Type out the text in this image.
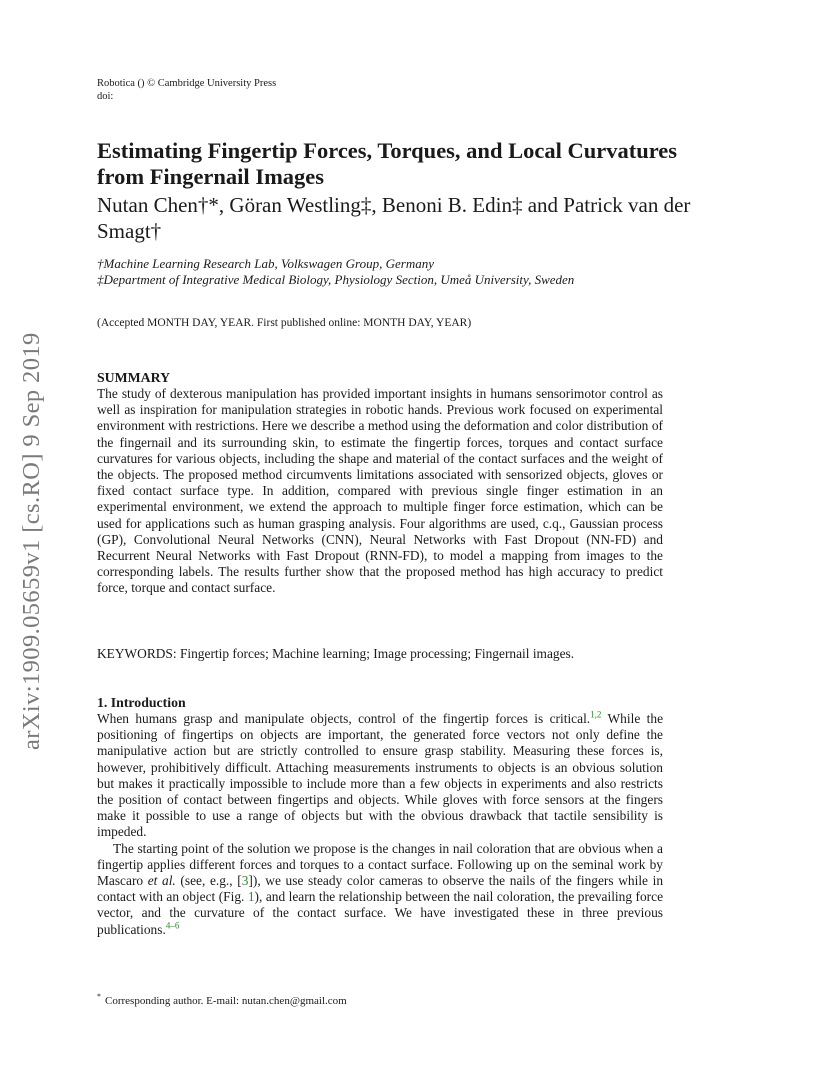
arXiv:1909.05659v1 [cs.RO] 9 Sep 2019
Robotica () © Cambridge University Press
doi:
Estimating Fingertip Forces, Torques, and Local Curvatures from Fingernail Images
Nutan Chen†*, Göran Westling‡, Benoni B. Edin‡ and Patrick van der Smagt†
†Machine Learning Research Lab, Volkswagen Group, Germany
‡Department of Integrative Medical Biology, Physiology Section, Umeå University, Sweden
(Accepted MONTH DAY, YEAR. First published online: MONTH DAY, YEAR)
SUMMARY

The study of dexterous manipulation has provided important insights in humans sensorimotor control as well as inspiration for manipulation strategies in robotic hands. Previous work focused on experimental environment with restrictions. Here we describe a method using the deformation and color distribution of the fingernail and its surrounding skin, to estimate the fingertip forces, torques and contact surface curvatures for various objects, including the shape and material of the contact surfaces and the weight of the objects. The proposed method circumvents limitations associated with sensorized objects, gloves or fixed contact surface type. In addition, compared with previous single finger estimation in an experimental environment, we extend the approach to multiple finger force estimation, which can be used for applications such as human grasping analysis. Four algorithms are used, c.q., Gaussian process (GP), Convolutional Neural Networks (CNN), Neural Networks with Fast Dropout (NN-FD) and Recurrent Neural Networks with Fast Dropout (RNN-FD), to model a mapping from images to the corresponding labels. The results further show that the proposed method has high accuracy to predict force, torque and contact surface.

KEYWORDS: Fingertip forces; Machine learning; Image processing; Fingernail images.
1. Introduction

When humans grasp and manipulate objects, control of the fingertip forces is critical.$^{1,2}$ While the positioning of fingertips on objects are important, the generated force vectors not only define the manipulative action but are strictly controlled to ensure grasp stability. Measuring these forces is, however, prohibitively difficult. Attaching measurements instruments to objects is an obvious solution but makes it practically impossible to include more than a few objects in experiments and also restricts the position of contact between fingertips and objects. While gloves with force sensors at the fingers make it possible to use a range of objects but with the obvious drawback that tactile sensibility is impeded.

The starting point of the solution we propose is the changes in nail coloration that are obvious when a fingertip applies different forces and torques to a contact surface. Following up on the seminal work by Mascaro et al. (see, e.g., [3]), we use steady color cameras to observe the nails of the fingers while in contact with an object (Fig. 1), and learn the relationship between the nail coloration, the prevailing force vector, and the curvature of the contact surface. We have investigated these in three previous publications.$^{4-6}$

* Corresponding author. E-mail: nutan.chen@gmail.com
